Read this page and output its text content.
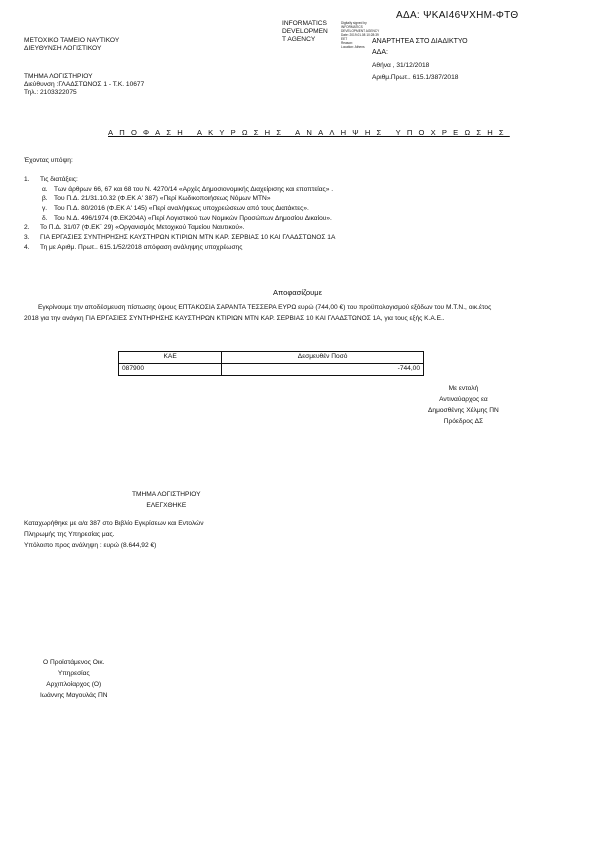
ΑΔΑ: ΨΚΑΙ46ΨΧΗΜ-ΦΤΘ
INFORMATICS
DEVELOPMEN
T AGENCY
Digitally signed by
INFORMATICS
DEVELOPMENT AGENCY
Date: 2019.01.08 10:28:39
EET
Reason:
Location: Athens
ΑΝΑΡΤΗΤΕΑ ΣΤΟ ΔΙΑΔΙΚΤΥΟ
ΑΔΑ:
ΜΕΤΟΧΙΚΟ ΤΑΜΕΙΟ ΝΑΥΤΙΚΟΥ
ΔΙΕΥΘΥΝΣΗ ΛΟΓΙΣΤΙΚΟΥ
Αθήνα , 31/12/2018
Αριθμ.Πρωτ.. 615.1/387/2018
ΤΜΗΜΑ ΛΟΓΙΣΤΗΡΙΟΥ
Διεύθυνση :ΓΛΑΔΣΤΩΝΟΣ 1 - Τ.Κ. 10677
Τηλ.: 2103322075
ΑΠΟΦΑΣΗ ΑΚΥΡΩΣΗΣ ΑΝΑΛΗΨΗΣ ΥΠΟΧΡΕΩΣΗΣ
Έχοντας υπόψη:
1. Τις διατάξεις:
α. Των άρθρων 66, 67 και 68 του Ν. 4270/14 «Αρχές Δημοσιονομικής Διαχείρισης και εποπτείας» .
β. Του Π.Δ. 21/31.10.32 (Φ.ΕΚ Α' 387) «Περί Κωδικοποιήσεως Νόμων ΜΤΝ»
γ. Του Π.Δ. 80/2016 (Φ.ΕΚ Α' 145) «Περί αναλήψεως υποχρεώσεων από τους Διατάκτες».
δ. Του Ν.Δ. 496/1974 (Φ.ΕΚ204Α) «Περί Λογιστικού των Νομικών Προσώπων Δημοσίου Δικαίου».
2. Το Π.Δ. 31/07 (Φ.ΕΚ΄ 29) «Οργανισμός Μετοχικού Ταμείου Ναυτικού».
3. ΓΙΑ ΕΡΓΑΣΙΕΣ ΣΥΝΤΗΡΗΣΗΣ ΚΑΥΣΤΗΡΩΝ ΚΤΙΡΙΩΝ ΜΤΝ ΚΑΡ. ΣΕΡΒΙΑΣ 10 ΚΑΙ ΓΛΑΔΣΤΩΝΟΣ 1Α
4. Τη με Αριθμ. Πρωτ.. 615.1/52/2018 απόφαση ανάληψης υποχρέωσης
Αποφασίζουμε
Εγκρίνουμε την αποδέσμευση πίστωσης ύψους ΕΠΤΑΚΟΣΙΑ ΣΑΡΑΝΤΑ ΤΕΣΣΕΡΑ ΕΥΡΩ ευρώ (744,00 €) του προϋπολογισμού εξόδων του Μ.Τ.Ν., οικ.έτος 2018 για την ανάγκη ΓΙΑ ΕΡΓΑΣΙΕΣ ΣΥΝΤΗΡΗΣΗΣ ΚΑΥΣΤΗΡΩΝ ΚΤΙΡΙΩΝ ΜΤΝ ΚΑΡ. ΣΕΡΒΙΑΣ 10 ΚΑΙ ΓΛΑΔΣΤΩΝΟΣ 1Α, για τους εξής Κ.Α.Ε..
ΚΑΕ	Δεσμευθέν Ποσό
087900	-744,00
Με εντολή
Αντιναύαρχος εα
Δημοσθένης Χέλμης ΠΝ
Πρόεδρος ΔΣ
ΤΜΗΜΑ ΛΟΓΙΣΤΗΡΙΟΥ
ΕΛΕΓΧΘΗΚΕ
Καταχωρήθηκε με α/α 387 στο Βιβλίο Εγκρίσεων και Εντολών
Πληρωμής της Υπηρεσίας μας.
Υπόλοιπο προς ανάληψη : ευρώ (8.644,92 €)
Ο Προϊστάμενος Οικ.
Υπηρεσίας
Αρχιπλοίαρχος (Ο)
Ιωάννης Μαγουλάς ΠΝ
